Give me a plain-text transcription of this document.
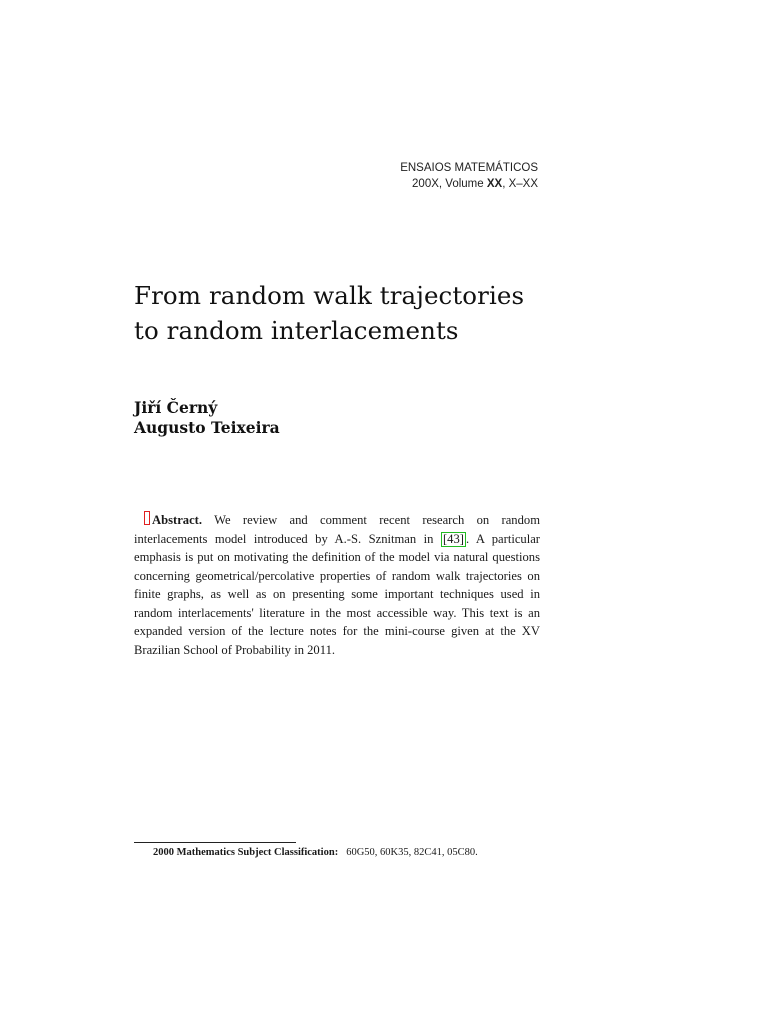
ENSAIOS MATEMÁTICOS
200X, Volume XX, X–XX
From random walk trajectories
to random interlacements
Jiří Černý
Augusto Teixeira
Abstract. We review and comment recent research on random interlacements model introduced by A.-S. Sznitman in [43] . A particular emphasis is put on motivating the definition of the model via natural questions concerning geometrical/percolative properties of random walk trajectories on finite graphs, as well as on presenting some important techniques used in random interlacements' literature in the most accessible way. This text is an expanded version of the lecture notes for the mini-course given at the XV Brazilian School of Probability in 2011.
2000 Mathematics Subject Classification: 60G50, 60K35, 82C41, 05C80.
